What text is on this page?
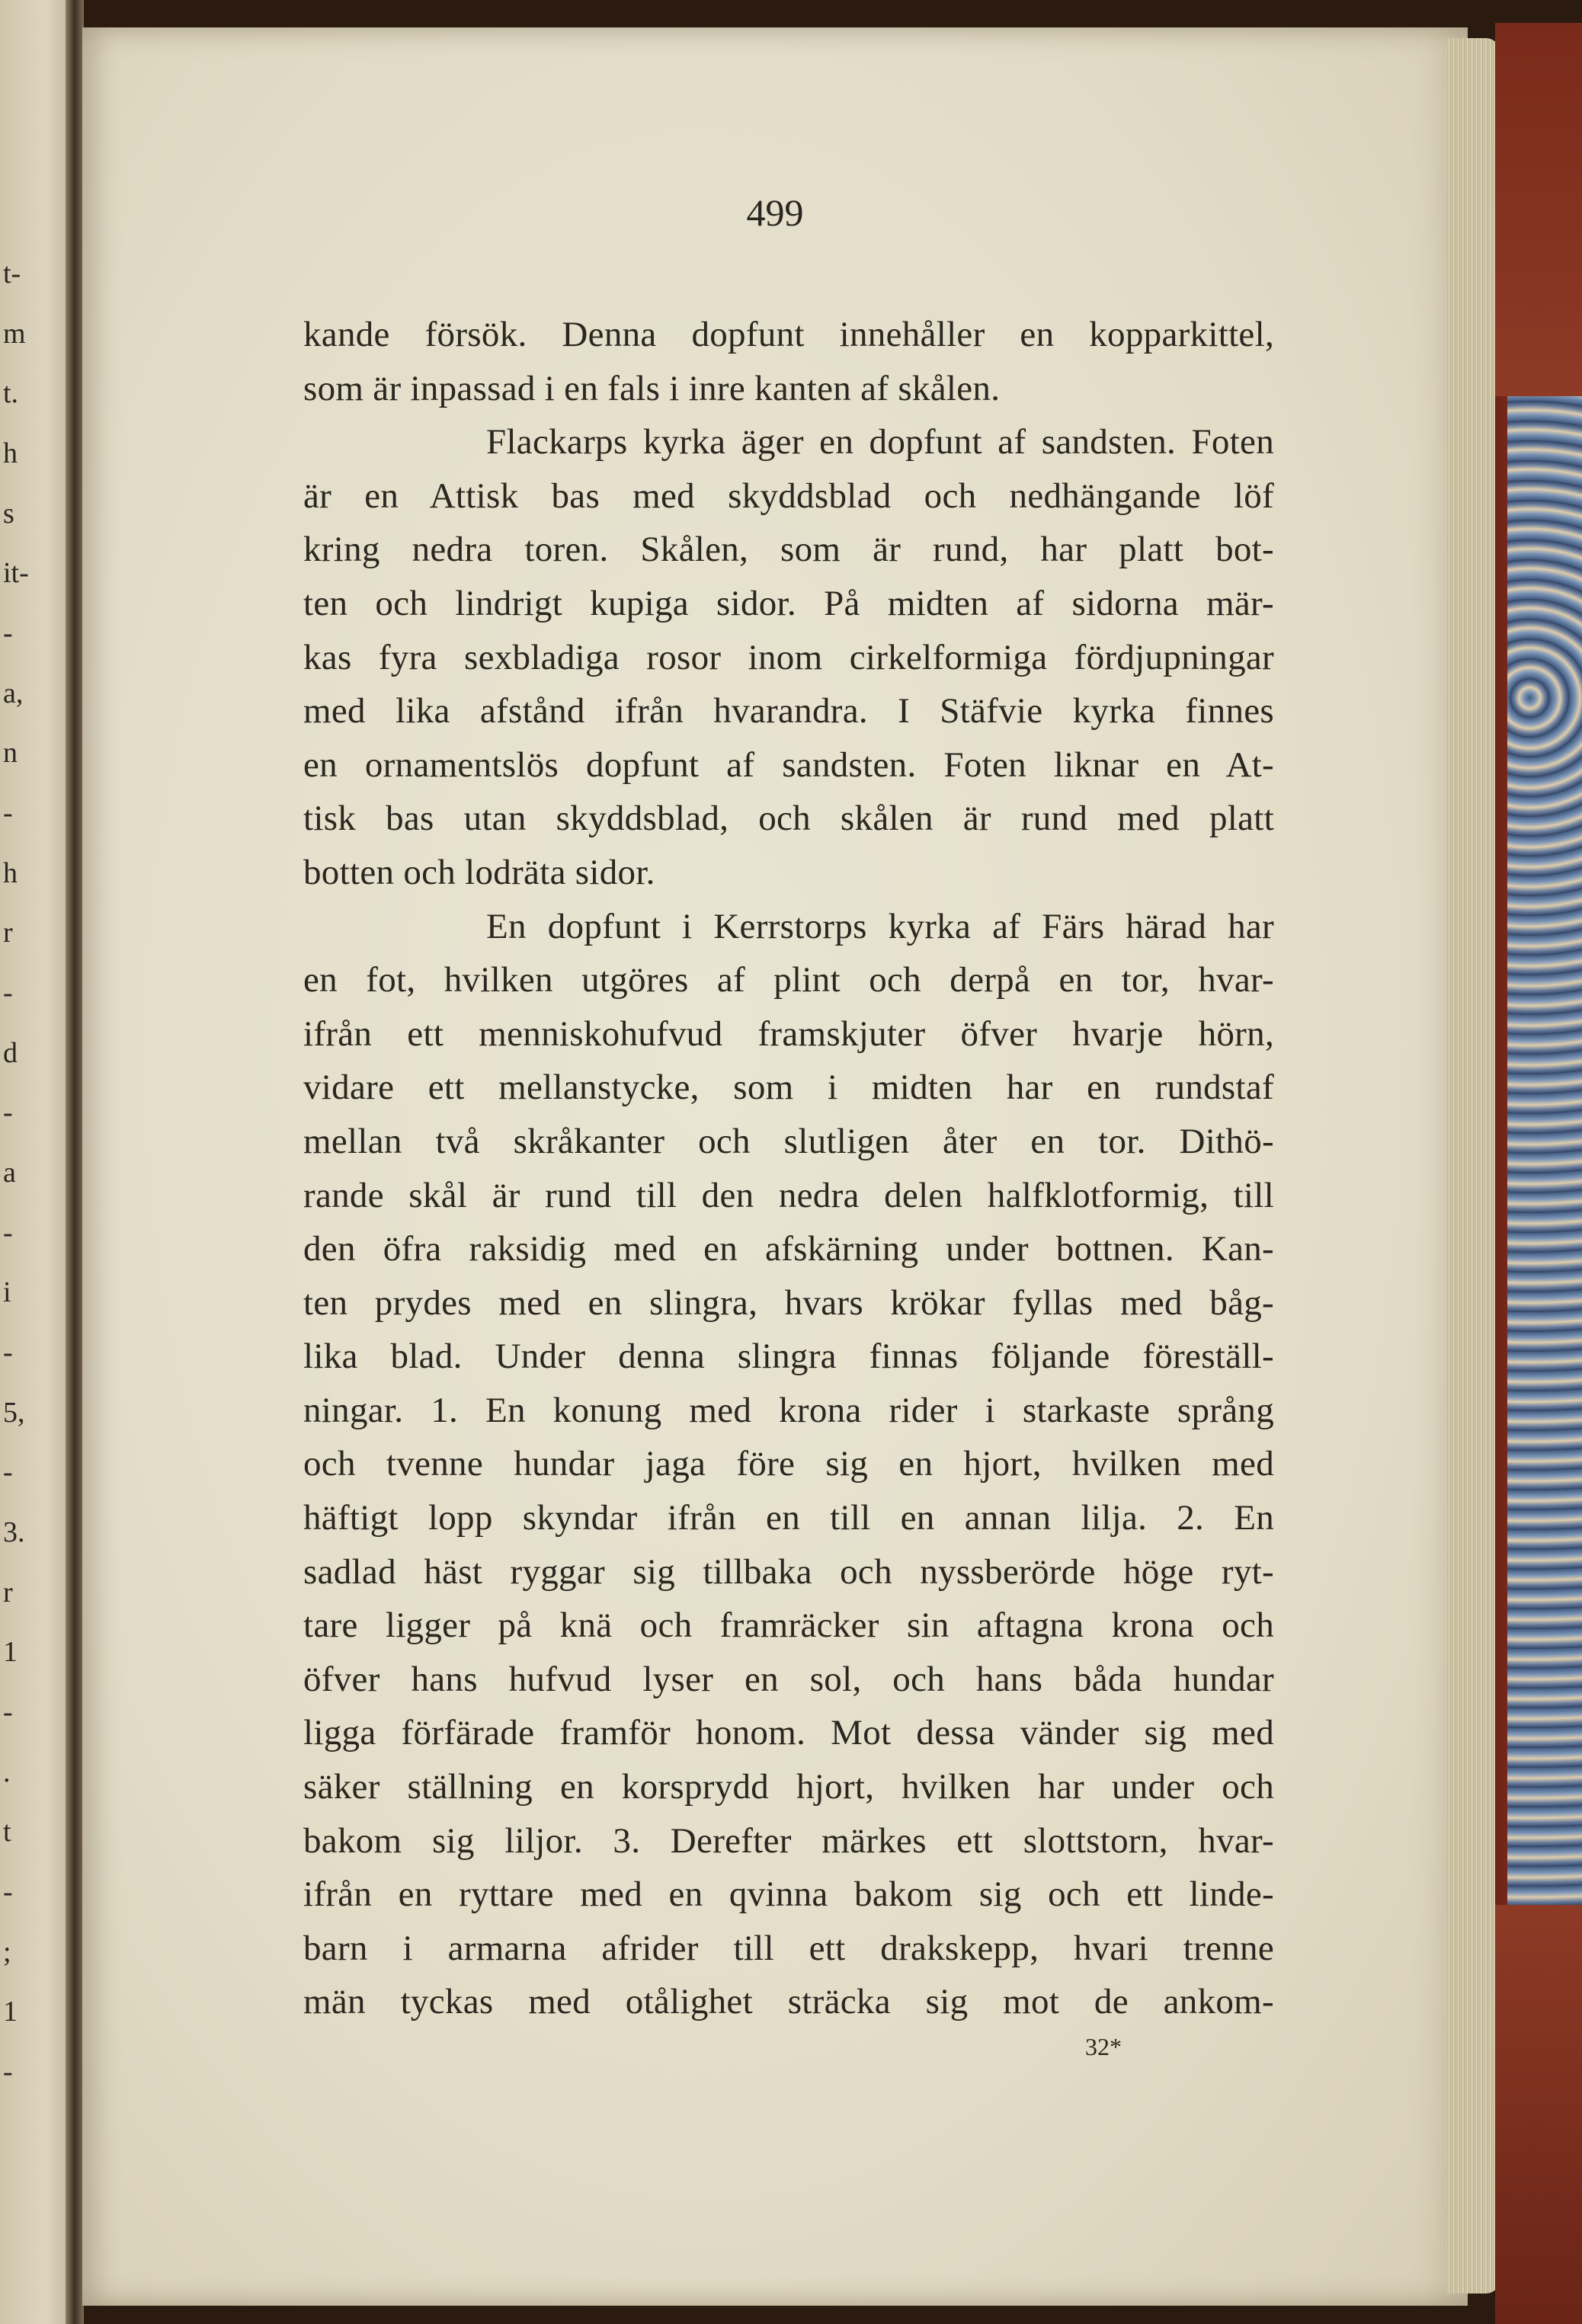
t-
m
t.
h
s
it-
-
a,
n
-
h
r
-
d
-
a
-
i
-
5,
-
3.
r
1
-
.
t
-
;
1
-
499
kande försök. Denna dopfunt innehåller en kopparkittel,
som är inpassad i en fals i inre kanten af skålen.
Flackarps kyrka äger en dopfunt af sandsten. Foten
är en Attisk bas med skyddsblad och nedhängande löf
kring nedra toren. Skålen, som är rund, har platt bot-
ten och lindrigt kupiga sidor. På midten af sidorna mär-
kas fyra sexbladiga rosor inom cirkelformiga fördjupningar
med lika afstånd ifrån hvarandra. I Stäfvie kyrka finnes
en ornamentslös dopfunt af sandsten. Foten liknar en At-
tisk bas utan skyddsblad, och skålen är rund med platt
botten och lodräta sidor.
En dopfunt i Kerrstorps kyrka af Färs härad har
en fot, hvilken utgöres af plint och derpå en tor, hvar-
ifrån ett menniskohufvud framskjuter öfver hvarje hörn,
vidare ett mellanstycke, som i midten har en rundstaf
mellan två skråkanter och slutligen åter en tor. Dithö-
rande skål är rund till den nedra delen halfklotformig, till
den öfra raksidig med en afskärning under bottnen. Kan-
ten prydes med en slingra, hvars krökar fyllas med båg-
lika blad. Under denna slingra finnas följande föreställ-
ningar. 1. En konung med krona rider i starkaste språng
och tvenne hundar jaga före sig en hjort, hvilken med
häftigt lopp skyndar ifrån en till en annan lilja. 2. En
sadlad häst ryggar sig tillbaka och nyssberörde höge ryt-
tare ligger på knä och framräcker sin aftagna krona och
öfver hans hufvud lyser en sol, och hans båda hundar
ligga förfärade framför honom. Mot dessa vänder sig med
säker ställning en korsprydd hjort, hvilken har under och
bakom sig liljor. 3. Derefter märkes ett slottstorn, hvar-
ifrån en ryttare med en qvinna bakom sig och ett linde-
barn i armarna afrider till ett drakskepp, hvari trenne
män tyckas med otålighet sträcka sig mot de ankom-
32*
